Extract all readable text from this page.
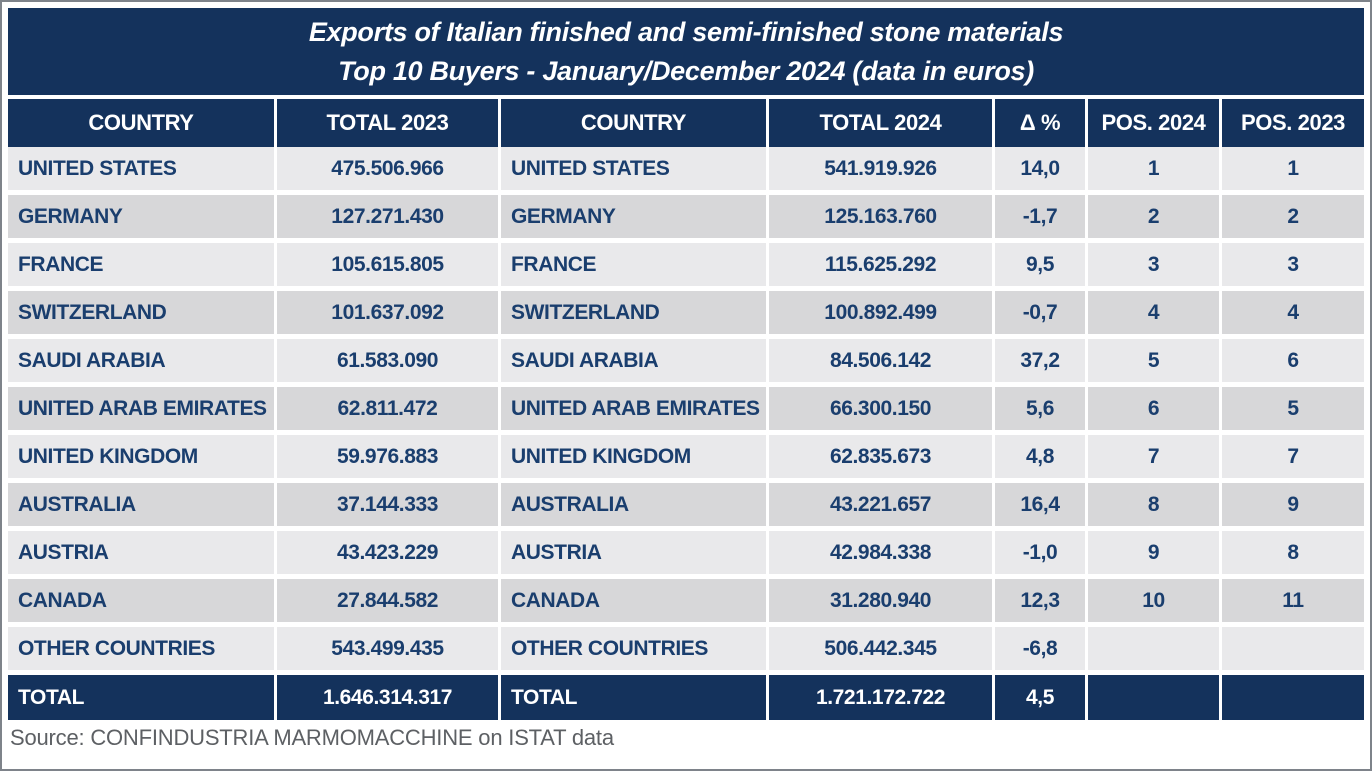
Exports of Italian finished and semi-finished stone materials
Top 10 Buyers - January/December 2024 (data in euros)
COUNTRY	TOTAL 2023	COUNTRY	TOTAL 2024	Δ %	POS. 2024	POS. 2023
UNITED STATES	475.506.966	UNITED STATES	541.919.926	14,0	1	1
GERMANY	127.271.430	GERMANY	125.163.760	-1,7	2	2
FRANCE	105.615.805	FRANCE	115.625.292	9,5	3	3
SWITZERLAND	101.637.092	SWITZERLAND	100.892.499	-0,7	4	4
SAUDI ARABIA	61.583.090	SAUDI ARABIA	84.506.142	37,2	5	6
UNITED ARAB EMIRATES	62.811.472	UNITED ARAB EMIRATES	66.300.150	5,6	6	5
UNITED KINGDOM	59.976.883	UNITED KINGDOM	62.835.673	4,8	7	7
AUSTRALIA	37.144.333	AUSTRALIA	43.221.657	16,4	8	9
AUSTRIA	43.423.229	AUSTRIA	42.984.338	-1,0	9	8
CANADA	27.844.582	CANADA	31.280.940	12,3	10	11
OTHER COUNTRIES	543.499.435	OTHER COUNTRIES	506.442.345	-6,8
TOTAL	1.646.314.317	TOTAL	1.721.172.722	4,5
Source: CONFINDUSTRIA MARMOMACCHINE on ISTAT data
